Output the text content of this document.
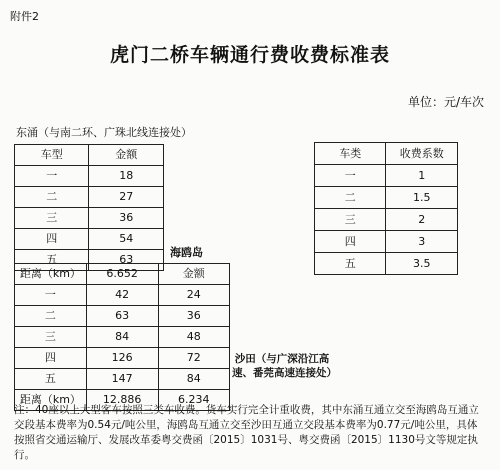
附件2
虎门二桥车辆通行费收费标准表
单位：元/车次
东涌（与南二环、广珠北线连接处）
车型	金额
一	18
二	27
三	36
四	54
五	63
海鸥岛
距离（km）	6.652	金额
一	42	24
二	63	36
三	84	48
四	126	72
五	147	84
距离（km）	12.886	6.234
沙田（与广深沿江高速、番莞高速连接处）
车类	收费系数
一	1
二	1.5
三	2
四	3
五	3.5
注：40座以上大型客车按照三类车收费。货车实行完全计重收费，其中东涌互通立交至海鸥岛互通立交段基本费率为0.54元/吨公里，海鸥岛互通立交至沙田互通立交段基本费率为0.77元/吨公里，具体按照省交通运输厅、发展改革委粤交费函〔2015〕1031号、粤交费函〔2015〕1130号文等规定执行。
